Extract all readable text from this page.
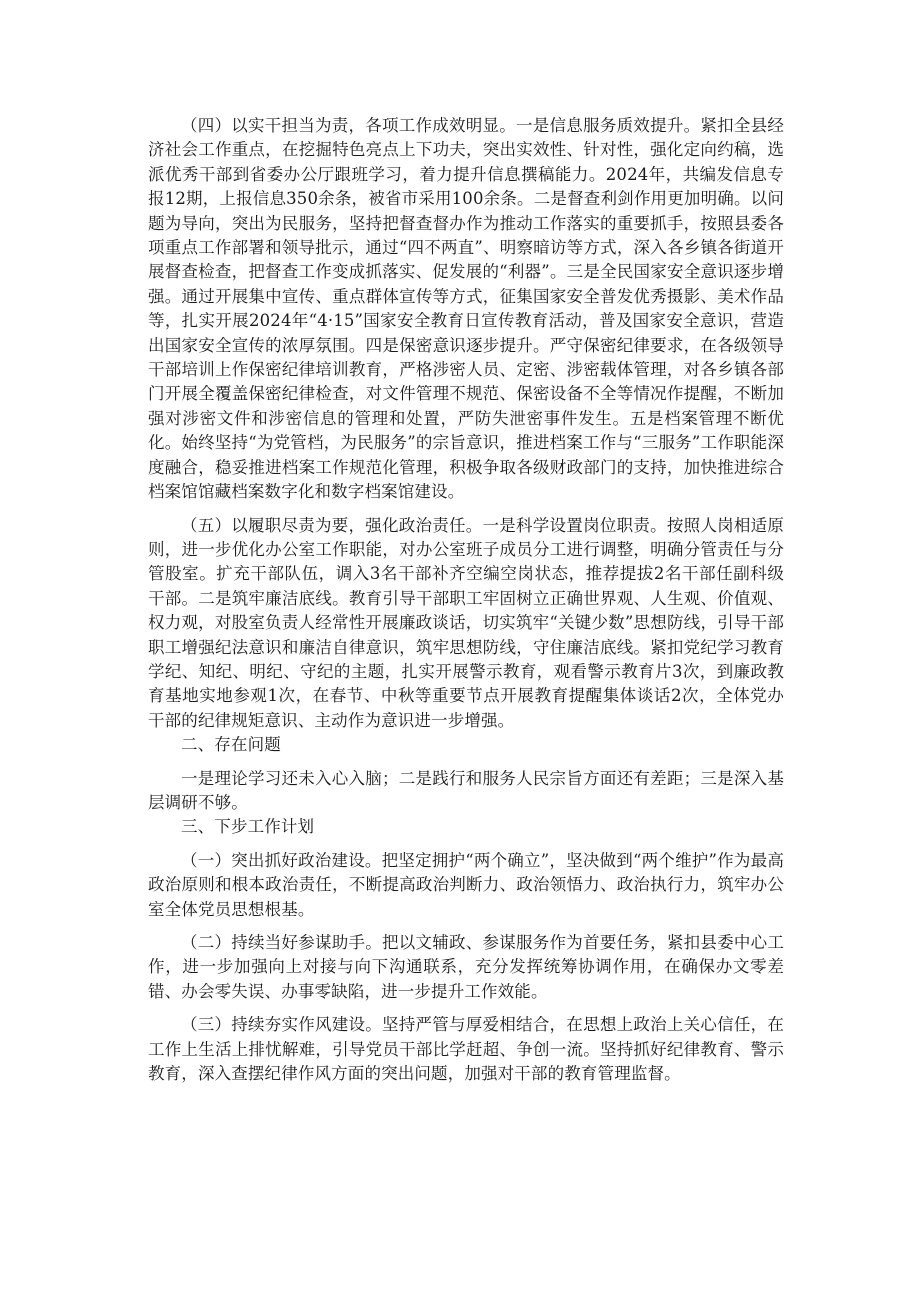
（四）以实干担当为责，各项工作成效明显。一是信息服务质效提升。紧扣全县经济社会工作重点，在挖掘特色亮点上下功夫，突出实效性、针对性，强化定向约稿，选派优秀干部到省委办公厅跟班学习，着力提升信息撰稿能力。2024年，共编发信息专报12期，上报信息350余条，被省市采用100余条。二是督查利剑作用更加明确。以问题为导向，突出为民服务，坚持把督查督办作为推动工作落实的重要抓手，按照县委各项重点工作部署和领导批示，通过“四不两直”、明察暗访等方式，深入各乡镇各街道开展督查检查，把督查工作变成抓落实、促发展的“利器”。三是全民国家安全意识逐步增强。通过开展集中宣传、重点群体宣传等方式，征集国家安全普发优秀摄影、美术作品等，扎实开展2024年“4·15”国家安全教育日宣传教育活动，普及国家安全意识，营造出国家安全宣传的浓厚氛围。四是保密意识逐步提升。严守保密纪律要求，在各级领导干部培训上作保密纪律培训教育，严格涉密人员、定密、涉密载体管理，对各乡镇各部门开展全覆盖保密纪律检查，对文件管理不规范、保密设备不全等情况作提醒，不断加强对涉密文件和涉密信息的管理和处置，严防失泄密事件发生。五是档案管理不断优化。始终坚持“为党管档，为民服务”的宗旨意识，推进档案工作与“三服务”工作职能深度融合，稳妥推进档案工作规范化管理，积极争取各级财政部门的支持，加快推进综合档案馆馆藏档案数字化和数字档案馆建设。

（五）以履职尽责为要，强化政治责任。一是科学设置岗位职责。按照人岗相适原则，进一步优化办公室工作职能，对办公室班子成员分工进行调整，明确分管责任与分管股室。扩充干部队伍，调入3名干部补齐空编空岗状态，推荐提拔2名干部任副科级干部。二是筑牢廉洁底线。教育引导干部职工牢固树立正确世界观、人生观、价值观、权力观，对股室负责人经常性开展廉政谈话，切实筑牢“关键少数”思想防线，引导干部职工增强纪法意识和廉洁自律意识，筑牢思想防线，守住廉洁底线。紧扣党纪学习教育学纪、知纪、明纪、守纪的主题，扎实开展警示教育，观看警示教育片3次，到廉政教育基地实地参观1次，在春节、中秋等重要节点开展教育提醒集体谈话2次，全体党办干部的纪律规矩意识、主动作为意识进一步增强。

二、存在问题

一是理论学习还未入心入脑；二是践行和服务人民宗旨方面还有差距；三是深入基层调研不够。

三、下步工作计划

（一）突出抓好政治建设。把坚定拥护“两个确立”，坚决做到“两个维护”作为最高政治原则和根本政治责任，不断提高政治判断力、政治领悟力、政治执行力，筑牢办公室全体党员思想根基。

（二）持续当好参谋助手。把以文辅政、参谋服务作为首要任务，紧扣县委中心工作，进一步加强向上对接与向下沟通联系，充分发挥统筹协调作用，在确保办文零差错、办会零失误、办事零缺陷，进一步提升工作效能。

（三）持续夯实作风建设。坚持严管与厚爱相结合，在思想上政治上关心信任，在工作上生活上排忧解难，引导党员干部比学赶超、争创一流。坚持抓好纪律教育、警示教育，深入查摆纪律作风方面的突出问题，加强对干部的教育管理监督。
